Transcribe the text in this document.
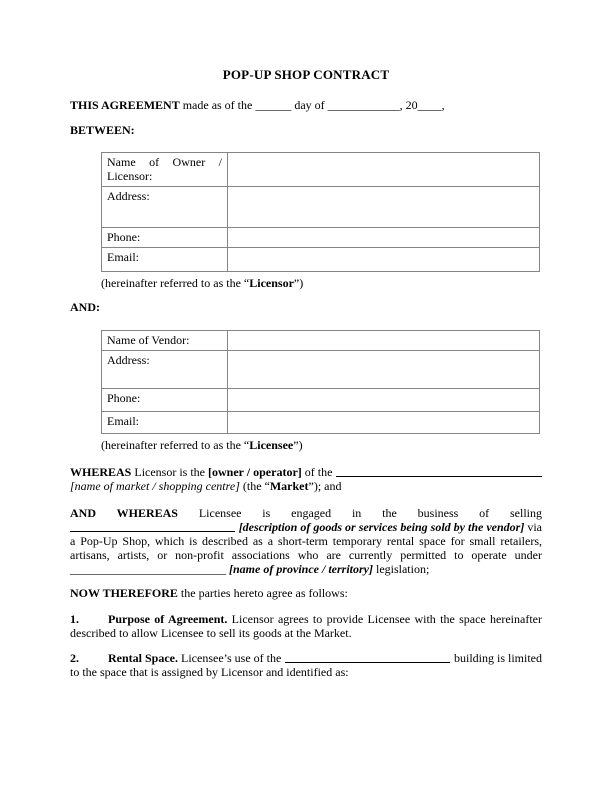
POP-UP SHOP CONTRACT
THIS AGREEMENT made as of the ______ day of ____________, 20____,
BETWEEN:
Name of Owner / Licensor:	
Address:	
Phone:	
Email:	
(hereinafter referred to as the “Licensor”)
AND:
Name of Vendor:	
Address:	
Phone:	
Email:	
(hereinafter referred to as the “Licensee”)
WHEREAS Licensor is the [owner / operator] of the
[name of market / shopping centre] (the “Market”); and
AND WHEREAS Licensee is engaged in the business of selling
[description of goods or services being sold by the vendor] via
a Pop-Up Shop, which is described as a short-term temporary rental space for small retailers, artisans, artists, or non-profit associations who are currently permitted to operate under
__________________________ [name of province / territory] legislation;
NOW THEREFORE the parties hereto agree as follows:
1. Purpose of Agreement. Licensor agrees to provide Licensee with the space hereinafter described to allow Licensee to sell its goods at the Market.
2. Rental Space. Licensee’s use of the	building is limited
to the space that is assigned by Licensor and identified as:
